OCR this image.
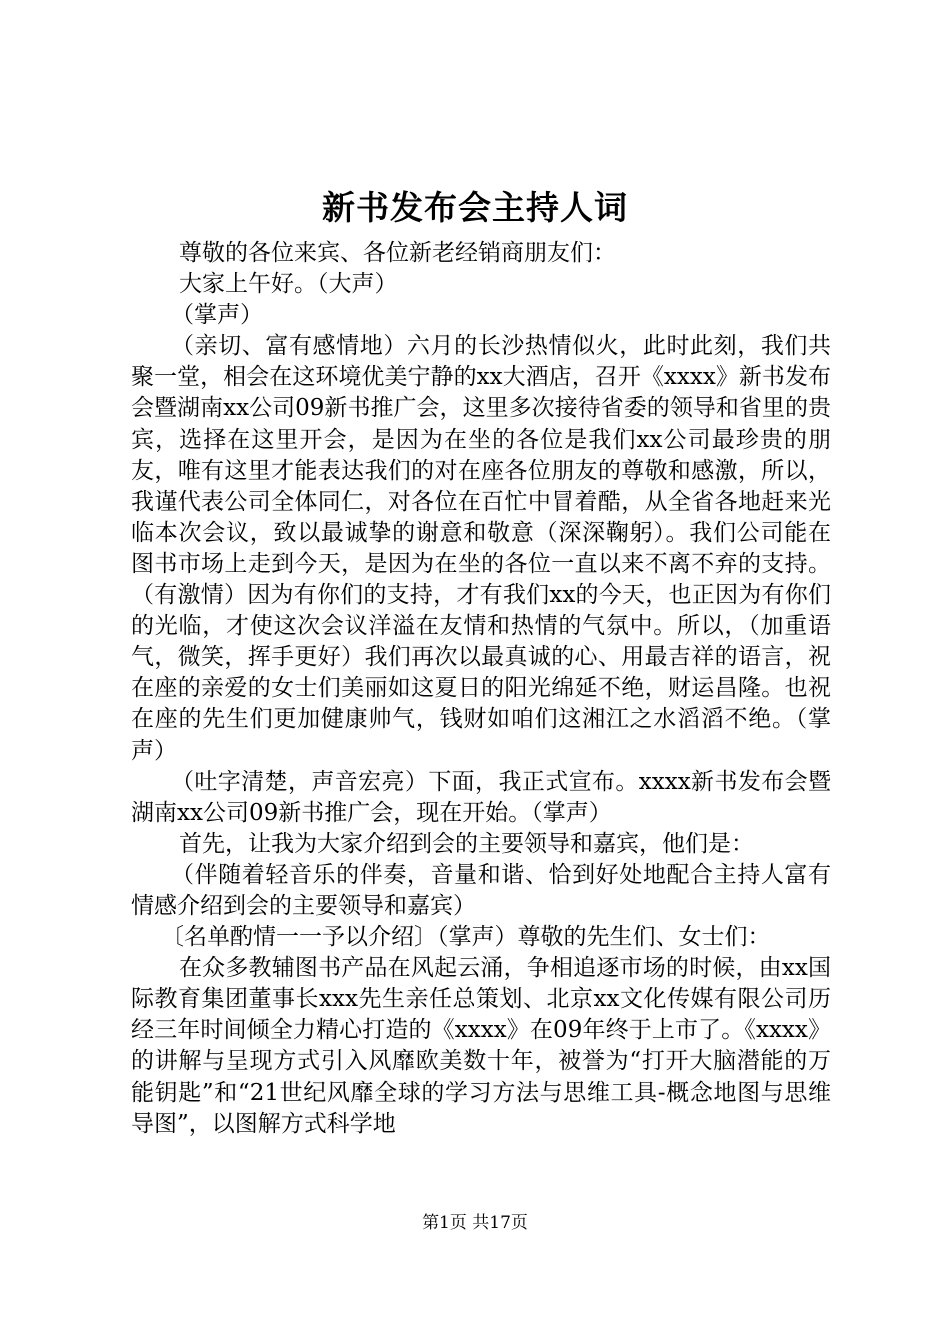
新书发布会主持人词

尊敬的各位来宾、各位新老经销商朋友们：

大家上午好。（大声）

（掌声）

（亲切、富有感情地）六月的长沙热情似火，此时此刻，我们共聚一堂，相会在这环境优美宁静的xx大酒店，召开《xxxx》新书发布会暨湖南xx公司09新书推广会，这里多次接待省委的领导和省里的贵宾，选择在这里开会，是因为在坐的各位是我们xx公司最珍贵的朋友，唯有这里才能表达我们的对在座各位朋友的尊敬和感激，所以，我谨代表公司全体同仁，对各位在百忙中冒着酷，从全省各地赶来光临本次会议，致以最诚挚的谢意和敬意（深深鞠躬）。我们公司能在图书市场上走到今天，是因为在坐的各位一直以来不离不弃的支持。（有激情）因为有你们的支持，才有我们xx的今天，也正因为有你们的光临，才使这次会议洋溢在友情和热情的气氛中。所以，（加重语气，微笑，挥手更好）我们再次以最真诚的心、用最吉祥的语言，祝在座的亲爱的女士们美丽如这夏日的阳光绵延不绝，财运昌隆。也祝在座的先生们更加健康帅气，钱财如咱们这湘江之水滔滔不绝。（掌声）

（吐字清楚，声音宏亮）下面，我正式宣布。xxxx新书发布会暨湖南xx公司09新书推广会，现在开始。（掌声）

首先，让我为大家介绍到会的主要领导和嘉宾，他们是：

（伴随着轻音乐的伴奏，音量和谐、恰到好处地配合主持人富有情感介绍到会的主要领导和嘉宾）

〔名单酌情一一予以介绍〕（掌声）尊敬的先生们、女士们：

在众多教辅图书产品在风起云涌，争相追逐市场的时候，由xx国际教育集团董事长xxx先生亲任总策划、北京xx文化传媒有限公司历经三年时间倾全力精心打造的《xxxx》在09年终于上市了。《xxxx》的讲解与呈现方式引入风靡欧美数十年，被誉为“打开大脑潜能的万能钥匙”和“21世纪风靡全球的学习方法与思维工具-概念地图与思维导图”，以图解方式科学地

第1页 共17页
